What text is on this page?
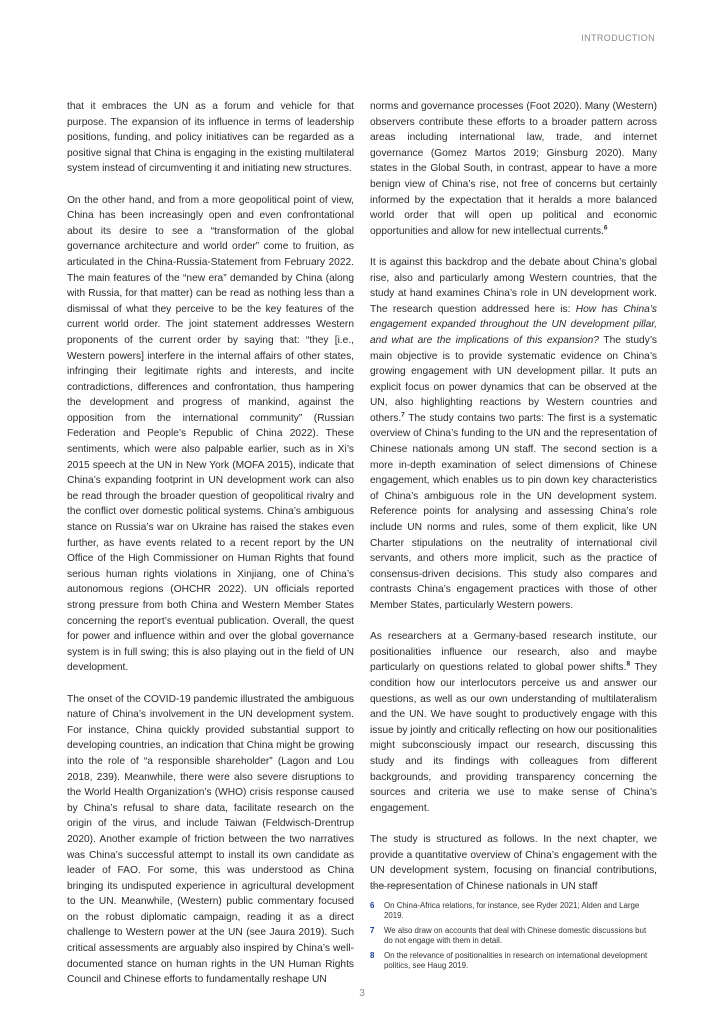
INTRODUCTION

that it embraces the UN as a forum and vehicle for that purpose. The expansion of its influence in terms of leadership positions, funding, and policy initiatives can be regarded as a positive signal that China is engaging in the existing multilateral system instead of circumventing it and initiating new structures.

On the other hand, and from a more geopolitical point of view, China has been increasingly open and even confrontational about its desire to see a “transformation of the global governance architecture and world order” come to fruition, as articulated in the China-Russia-Statement from February 2022. The main features of the “new era” demanded by China (along with Russia, for that matter) can be read as nothing less than a dismissal of what they perceive to be the key features of the current world order. The joint statement addresses Western proponents of the current order by saying that: “they [i.e., Western powers] interfere in the internal affairs of other states, infringing their legitimate rights and interests, and incite contradictions, differences and confrontation, thus hampering the development and progress of mankind, against the opposition from the international community” (Russian Federation and People’s Republic of China 2022). These sentiments, which were also palpable earlier, such as in Xi’s 2015 speech at the UN in New York (MOFA 2015), indicate that China’s expanding footprint in UN development work can also be read through the broader question of geopolitical rivalry and the conflict over domestic political systems. China’s ambiguous stance on Russia’s war on Ukraine has raised the stakes even further, as have events related to a recent report by the UN Office of the High Commissioner on Human Rights that found serious human rights violations in Xinjiang, one of China’s autonomous regions (OHCHR 2022). UN officials reported strong pressure from both China and Western Member States concerning the report’s eventual publication. Overall, the quest for power and influence within and over the global governance system is in full swing; this is also playing out in the field of UN development.

The onset of the COVID-19 pandemic illustrated the ambiguous nature of China’s involvement in the UN development system. For instance, China quickly provided substantial support to developing countries, an indication that China might be growing into the role of “a responsible shareholder” (Lagon and Lou 2018, 239). Meanwhile, there were also severe disruptions to the World Health Organization’s (WHO) crisis response caused by China’s refusal to share data, facilitate research on the origin of the virus, and include Taiwan (Feldwisch-Drentrup 2020). Another example of friction between the two narratives was China’s successful attempt to install its own candidate as leader of FAO. For some, this was understood as China bringing its undisputed experience in agricultural development to the UN. Meanwhile, (Western) public commentary focused on the robust diplomatic campaign, reading it as a direct challenge to Western power at the UN (see Jaura 2019). Such critical assessments are arguably also inspired by China’s well-documented stance on human rights in the UN Human Rights Council and Chinese efforts to fundamentally reshape UN

norms and governance processes (Foot 2020). Many (Western) observers contribute these efforts to a broader pattern across areas including international law, trade, and internet governance (Gomez Martos 2019; Ginsburg 2020). Many states in the Global South, in contrast, appear to have a more benign view of China’s rise, not free of concerns but certainly informed by the expectation that it heralds a more balanced world order that will open up political and economic opportunities and allow for new intellectual currents.$^6$

It is against this backdrop and the debate about China’s global rise, also and particularly among Western countries, that the study at hand examines China’s role in UN development work. The research question addressed here is: How has China’s engagement expanded throughout the UN development pillar, and what are the implications of this expansion? The study’s main objective is to provide systematic evidence on China’s growing engagement with UN development pillar. It puts an explicit focus on power dynamics that can be observed at the UN, also highlighting reactions by Western countries and others.$^7$ The study contains two parts: The first is a systematic overview of China’s funding to the UN and the representation of Chinese nationals among UN staff. The second section is a more in-depth examination of select dimensions of Chinese engagement, which enables us to pin down key characteristics of China’s ambiguous role in the UN development system. Reference points for analysing and assessing China’s role include UN norms and rules, some of them explicit, like UN Charter stipulations on the neutrality of international civil servants, and others more implicit, such as the practice of consensus-driven decisions. This study also compares and contrasts China’s engagement practices with those of other Member States, particularly Western powers.

As researchers at a Germany-based research institute, our positionalities influence our research, also and maybe particularly on questions related to global power shifts.$^8$ They condition how our interlocutors perceive us and answer our questions, as well as our own understanding of multilateralism and the UN. We have sought to productively engage with this issue by jointly and critically reflecting on how our positionalities might subconsciously impact our research, discussing this study and its findings with colleagues from different backgrounds, and providing transparency concerning the sources and criteria we use to make sense of China’s engagement.

The study is structured as follows. In the next chapter, we provide a quantitative overview of China’s engagement with the UN development system, focusing on financial contributions, the representation of Chinese nationals in UN staff

6	On China-Africa relations, for instance, see Ryder 2021; Alden and Large 2019.
7	We also draw on accounts that deal with Chinese domestic discussions but do not engage with them in detail.
8	On the relevance of positionalities in research on international development politics, see Haug 2019.
3
